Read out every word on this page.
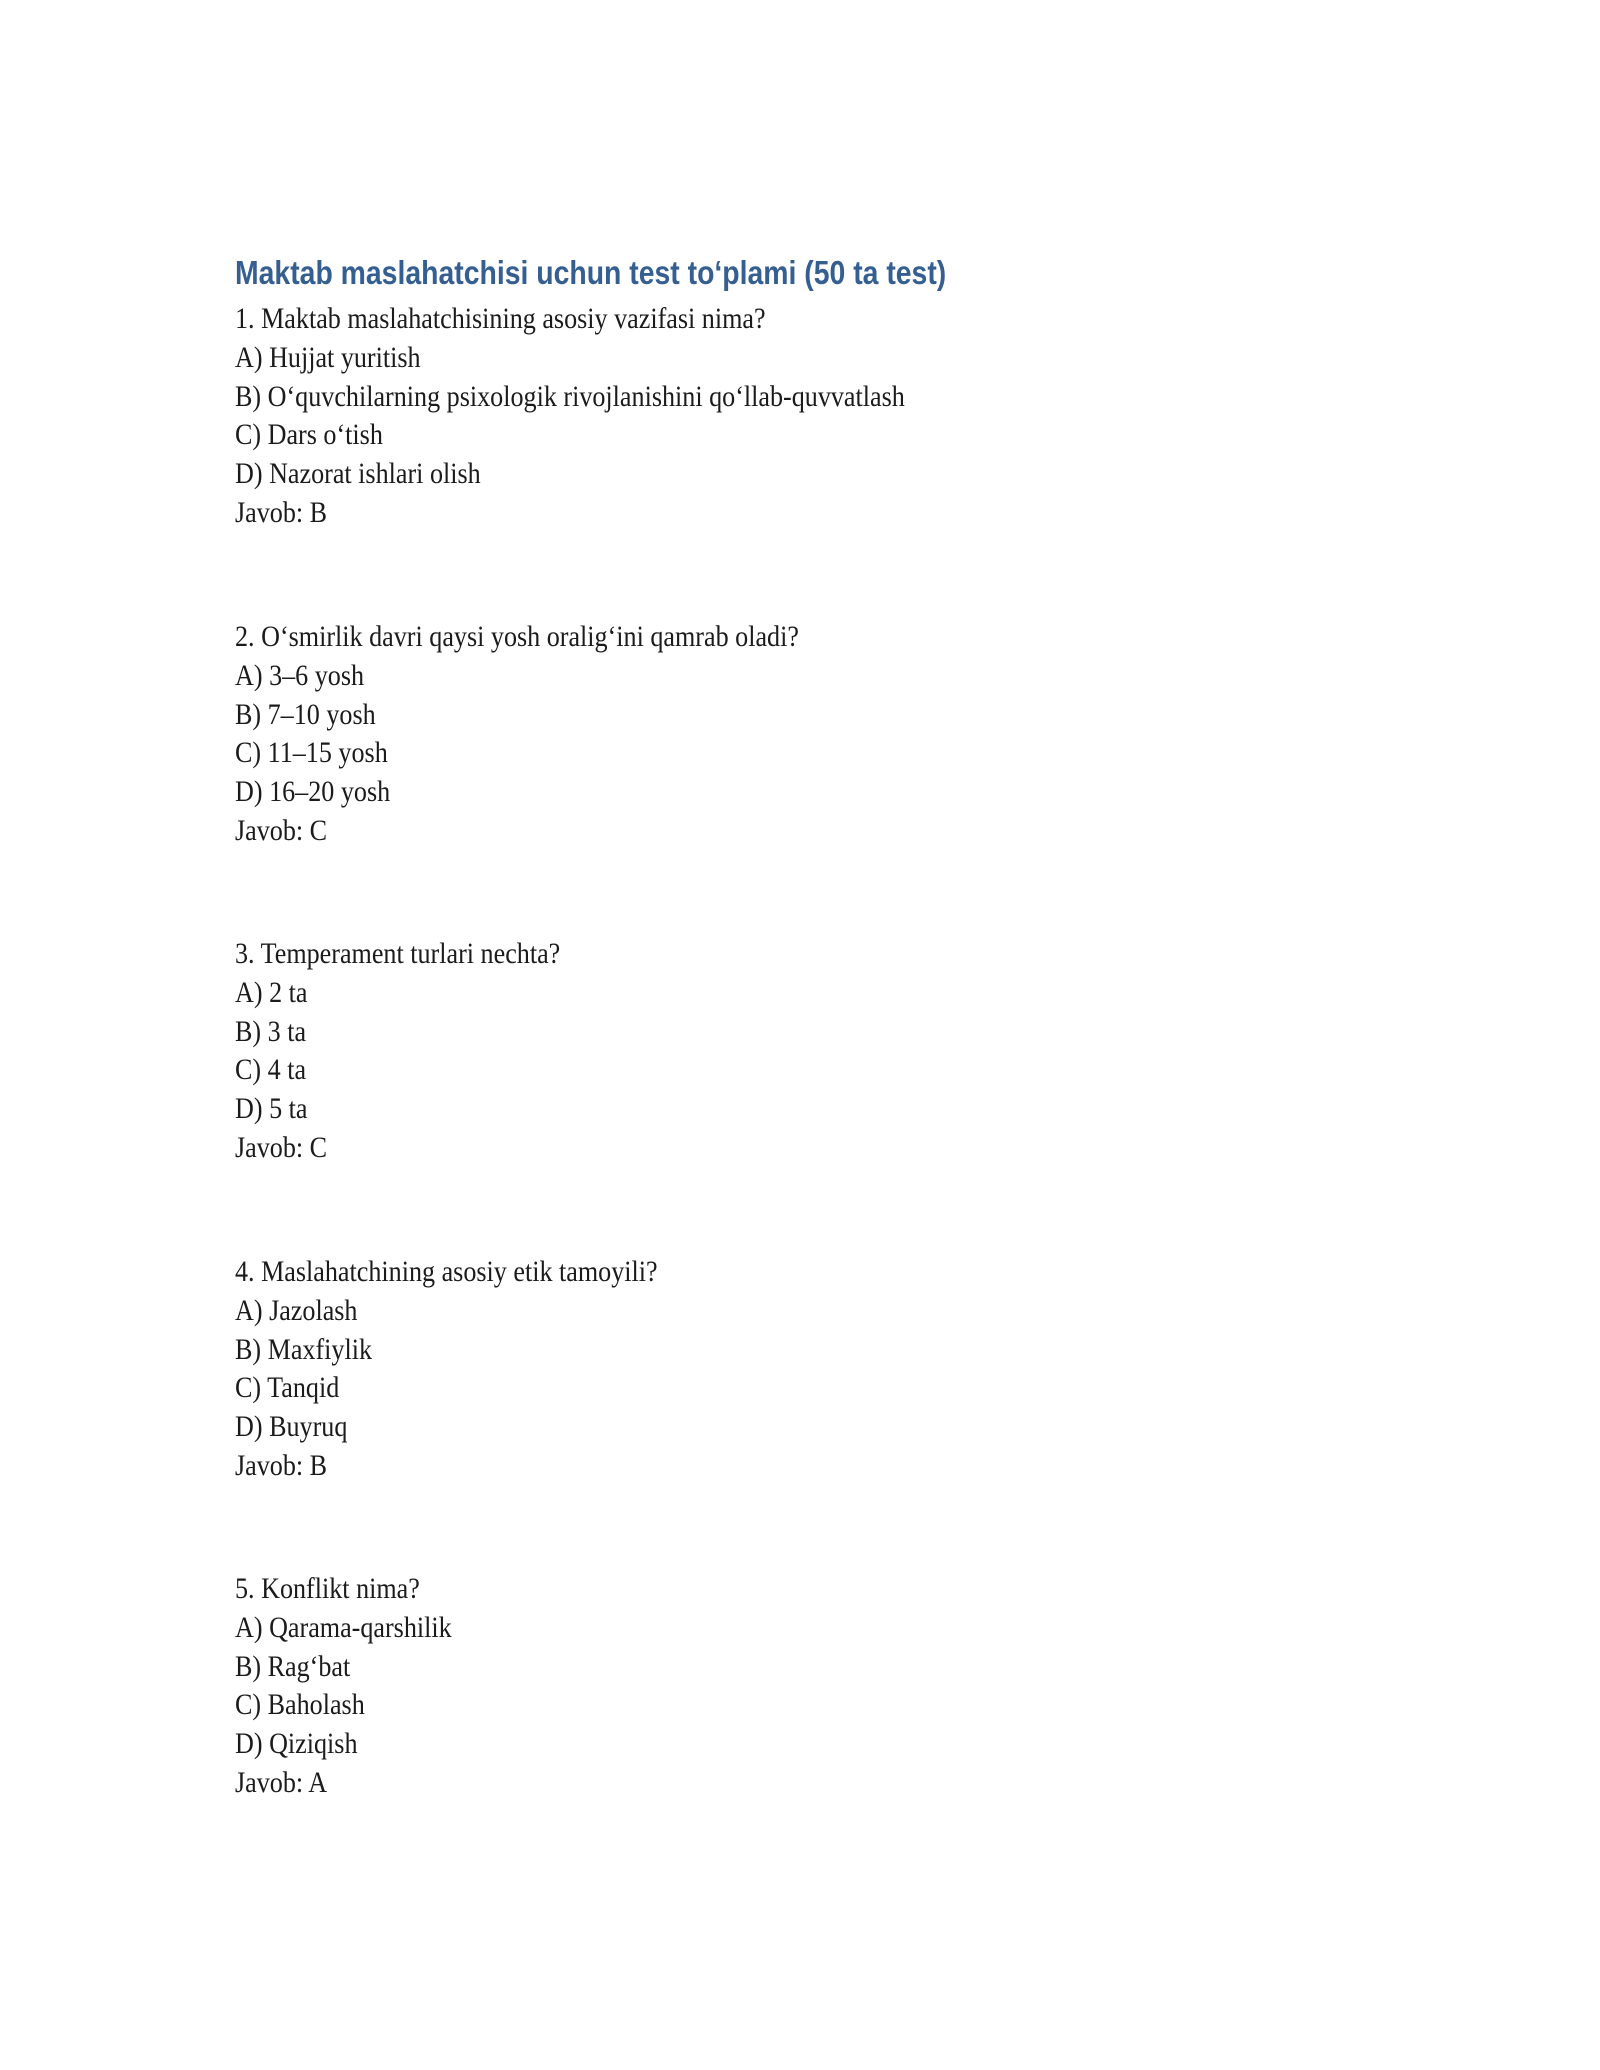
Maktab maslahatchisi uchun test toʻplami (50 ta test)
1. Maktab maslahatchisining asosiy vazifasi nima?
A) Hujjat yuritish
B) Oʻquvchilarning psixologik rivojlanishini qoʻllab-quvvatlash
C) Dars oʻtish
D) Nazorat ishlari olish
Javob: B
2. Oʻsmirlik davri qaysi yosh oraligʻini qamrab oladi?
A) 3–6 yosh
B) 7–10 yosh
C) 11–15 yosh
D) 16–20 yosh
Javob: C
3. Temperament turlari nechta?
A) 2 ta
B) 3 ta
C) 4 ta
D) 5 ta
Javob: C
4. Maslahatchining asosiy etik tamoyili?
A) Jazolash
B) Maxfiylik
C) Tanqid
D) Buyruq
Javob: B
5. Konflikt nima?
A) Qarama-qarshilik
B) Ragʻbat
C) Baholash
D) Qiziqish
Javob: A
